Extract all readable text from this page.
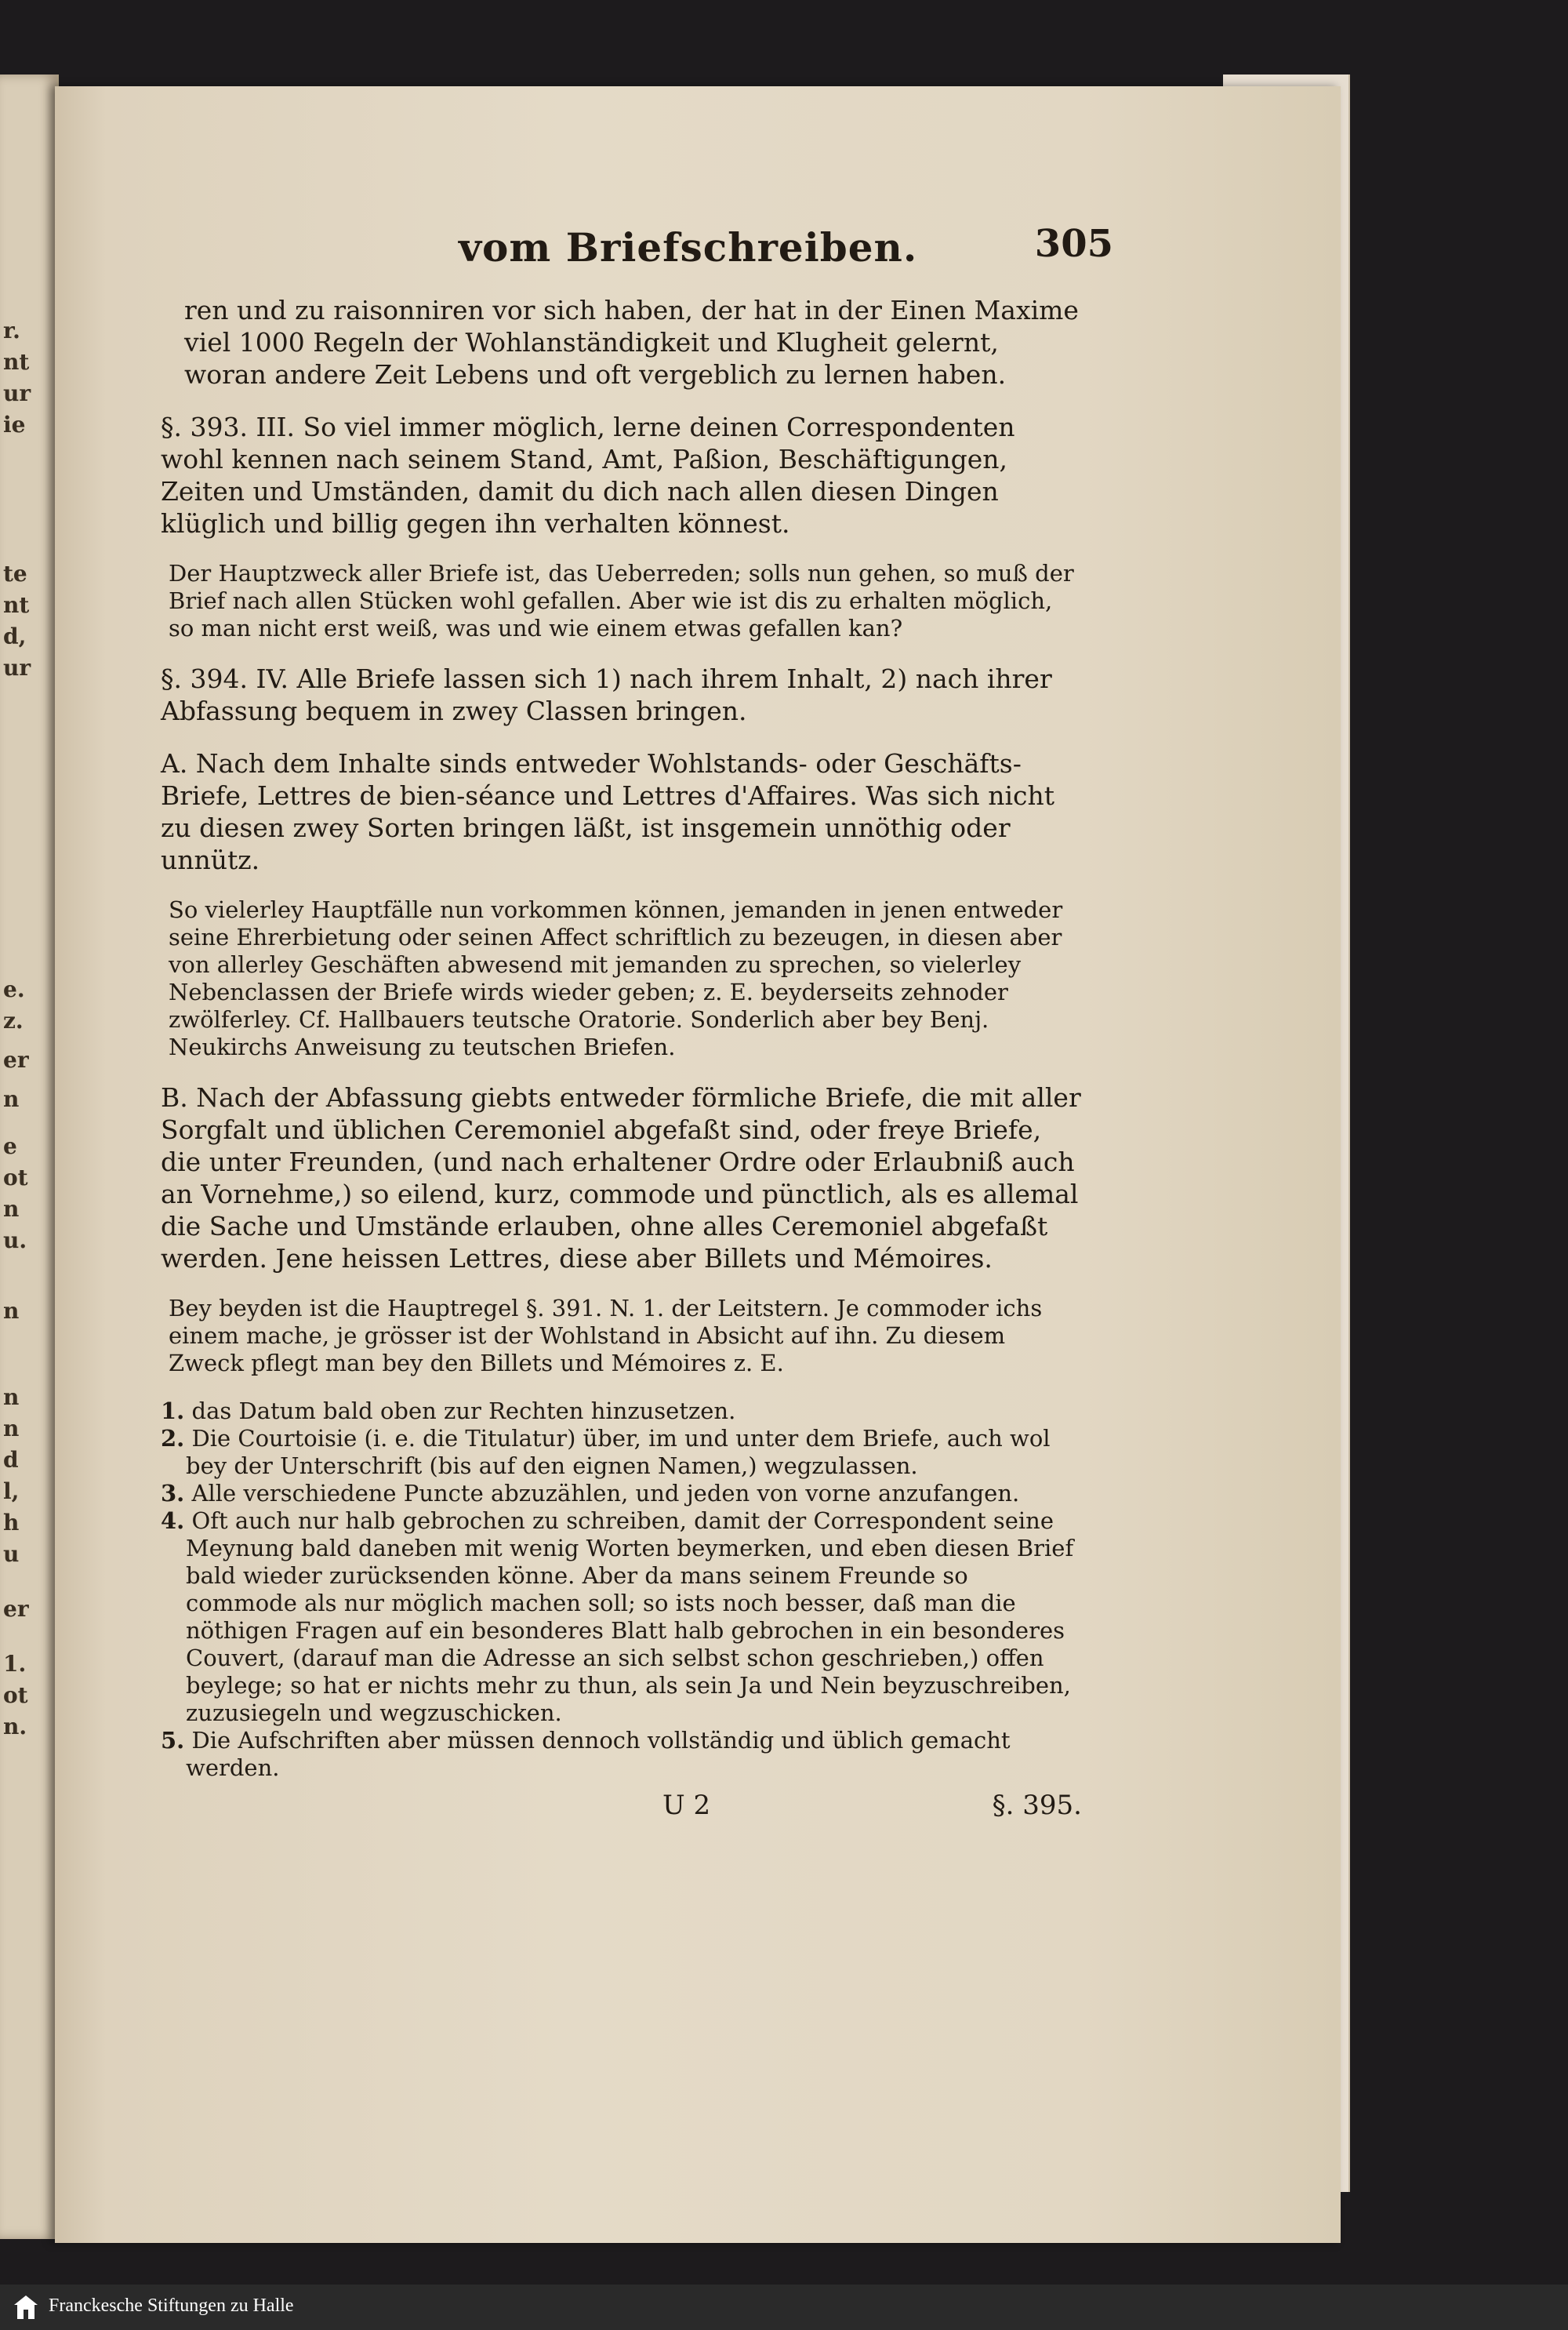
r.
nt
ur
ie
te
nt
d,
ur
e.
z.
er
n
e
ot
n
u.
n
n
n
d
l,
h
u
er
1.
ot
n.
vom Briefschreiben.	305

ren und zu raisonniren vor sich haben, der hat in der Einen Maxime viel 1000 Regeln der Wohlanständigkeit und Klugheit gelernt, woran andere Zeit Lebens und oft vergeblich zu lernen haben.

§. 393. III. So viel immer möglich, lerne deinen Correspondenten wohl kennen nach seinem Stand, Amt, Paßion, Beschäftigungen, Zeiten und Umständen, damit du dich nach allen diesen Dingen klüglich und billig gegen ihn verhalten könnest.

Der Hauptzweck aller Briefe ist, das Ueberreden; solls nun gehen, so muß der Brief nach allen Stücken wohl gefallen. Aber wie ist dis zu erhalten möglich, so man nicht erst weiß, was und wie einem etwas gefallen kan?

§. 394. IV. Alle Briefe lassen sich 1) nach ihrem Inhalt, 2) nach ihrer Abfassung bequem in zwey Classen bringen.

A. Nach dem Inhalte sinds entweder Wohlstands- oder Geschäfts-Briefe, Lettres de bien-séance und Lettres d'Affaires. Was sich nicht zu diesen zwey Sorten bringen läßt, ist insgemein unnöthig oder unnütz.

So vielerley Hauptfälle nun vorkommen können, jemanden in jenen entweder seine Ehrerbietung oder seinen Affect schriftlich zu bezeugen, in diesen aber von allerley Geschäften abwesend mit jemanden zu sprechen, so vielerley Nebenclassen der Briefe wirds wieder geben; z. E. beyderseits zehnoder zwölferley. Cf. Hallbauers teutsche Oratorie. Sonderlich aber bey Benj. Neukirchs Anweisung zu teutschen Briefen.

B. Nach der Abfassung giebts entweder förmliche Briefe, die mit aller Sorgfalt und üblichen Ceremoniel abgefaßt sind, oder freye Briefe, die unter Freunden, (und nach erhaltener Ordre oder Erlaubniß auch an Vornehme,) so eilend, kurz, commode und pünctlich, als es allemal die Sache und Umstände erlauben, ohne alles Ceremoniel abgefaßt werden. Jene heissen Lettres, diese aber Billets und Mémoires.

Bey beyden ist die Hauptregel §. 391. N. 1. der Leitstern. Je commoder ichs einem mache, je grösser ist der Wohlstand in Absicht auf ihn. Zu diesem Zweck pflegt man bey den Billets und Mémoires z. E.

1. das Datum bald oben zur Rechten hinzusetzen.
2. Die Courtoisie (i. e. die Titulatur) über, im und unter dem Briefe, auch wol bey der Unterschrift (bis auf den eignen Namen,) wegzulassen.
3. Alle verschiedene Puncte abzuzählen, und jeden von vorne anzufangen.
4. Oft auch nur halb gebrochen zu schreiben, damit der Correspondent seine Meynung bald daneben mit wenig Worten beymerken, und eben diesen Brief bald wieder zurücksenden könne. Aber da mans seinem Freunde so commode als nur möglich machen soll; so ists noch besser, daß man die nöthigen Fragen auf ein besonderes Blatt halb gebrochen in ein besonderes Couvert, (darauf man die Adresse an sich selbst schon geschrieben,) offen beylege; so hat er nichts mehr zu thun, als sein Ja und Nein beyzuschreiben, zuzusiegeln und wegzuschicken.
5. Die Aufschriften aber müssen dennoch vollständig und üblich gemacht werden.
U 2	§. 395.
Franckesche Stiftungen zu Halle
